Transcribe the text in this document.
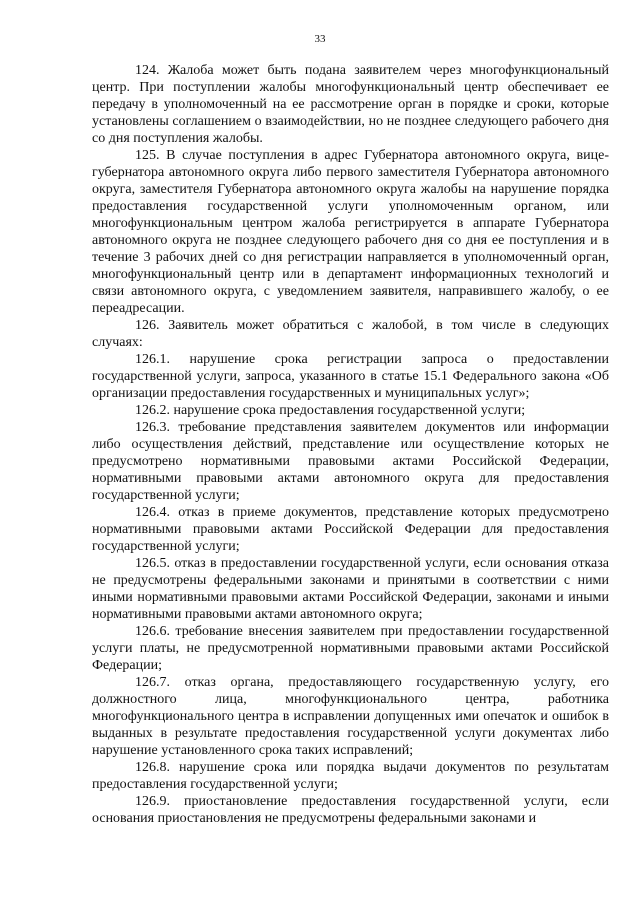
33

124. Жалоба может быть подана заявителем через многофункциональный центр. При поступлении жалобы многофункциональный центр обеспечивает ее передачу в уполномоченный на ее рассмотрение орган в порядке и сроки, которые установлены соглашением о взаимодействии, но не позднее следующего рабочего дня со дня поступления жалобы.

125. В случае поступления в адрес Губернатора автономного округа, вице-губернатора автономного округа либо первого заместителя Губернатора автономного округа, заместителя Губернатора автономного округа жалобы на нарушение порядка предоставления государственной услуги уполномоченным органом, или многофункциональным центром жалоба регистрируется в аппарате Губернатора автономного округа не позднее следующего рабочего дня со дня ее поступления и в течение 3 рабочих дней со дня регистрации направляется в уполномоченный орган, многофункциональный центр или в департамент информационных технологий и связи автономного округа, с уведомлением заявителя, направившего жалобу, о ее переадресации.

126. Заявитель может обратиться с жалобой, в том числе в следующих случаях:

126.1. нарушение срока регистрации запроса о предоставлении государственной услуги, запроса, указанного в статье 15.1 Федерального закона «Об организации предоставления государственных и муниципальных услуг»;

126.2. нарушение срока предоставления государственной услуги;

126.3. требование представления заявителем документов или информации либо осуществления действий, представление или осуществление которых не предусмотрено нормативными правовыми актами Российской Федерации, нормативными правовыми актами автономного округа для предоставления государственной услуги;

126.4. отказ в приеме документов, представление которых предусмотрено нормативными правовыми актами Российской Федерации для предоставления государственной услуги;

126.5. отказ в предоставлении государственной услуги, если основания отказа не предусмотрены федеральными законами и принятыми в соответствии с ними иными нормативными правовыми актами Российской Федерации, законами и иными нормативными правовыми актами автономного округа;

126.6. требование внесения заявителем при предоставлении государственной услуги платы, не предусмотренной нормативными правовыми актами Российской Федерации;

126.7. отказ органа, предоставляющего государственную услугу, его должностного лица, многофункционального центра, работника многофункционального центра в исправлении допущенных ими опечаток и ошибок в выданных в результате предоставления государственной услуги документах либо нарушение установленного срока таких исправлений;

126.8. нарушение срока или порядка выдачи документов по результатам предоставления государственной услуги;

126.9. приостановление предоставления государственной услуги, если основания приостановления не предусмотрены федеральными законами и
